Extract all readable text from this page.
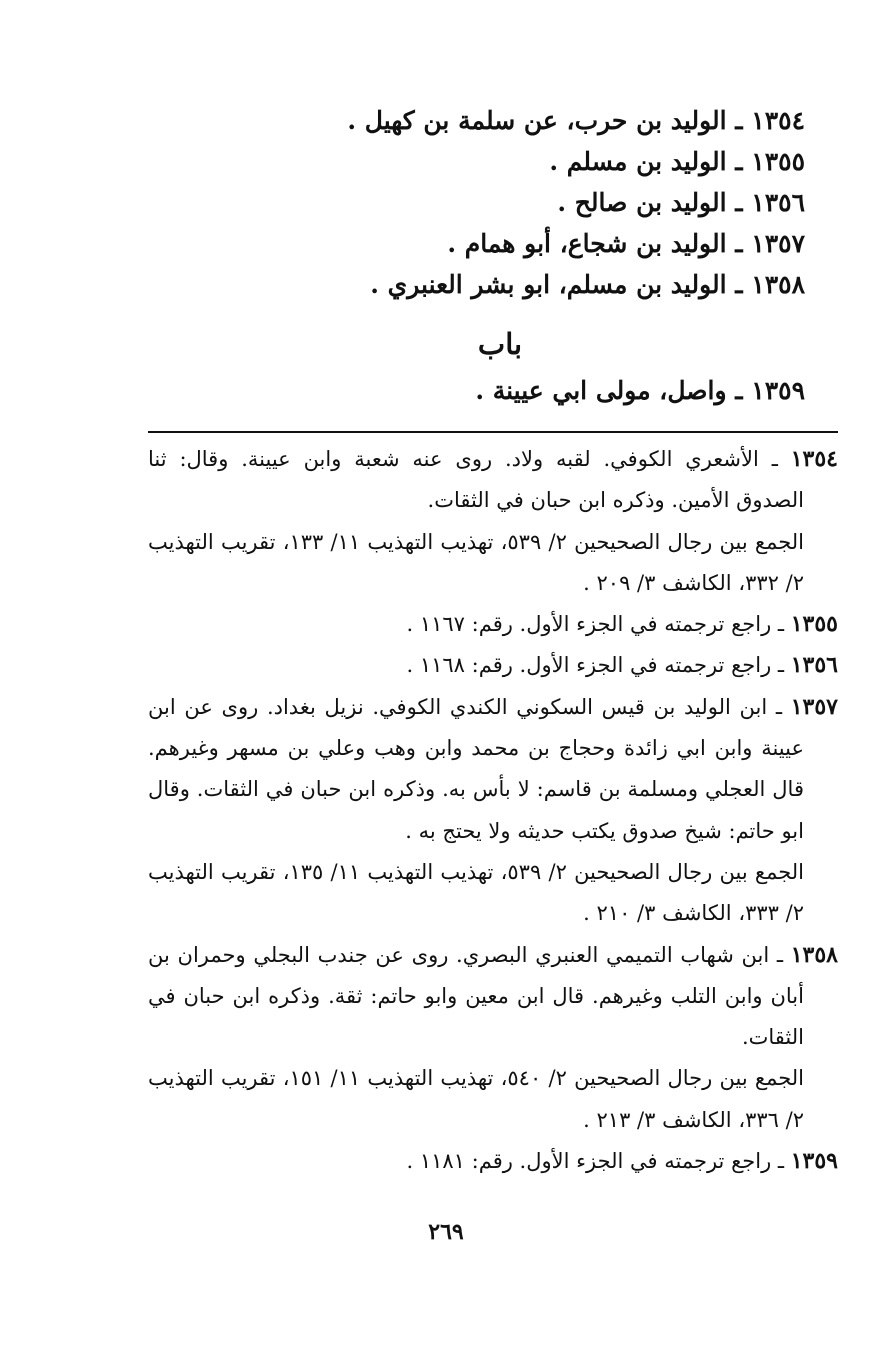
١٣٥٤ ـ الوليد بن حرب، عن سلمة بن كهيل .
١٣٥٥ ـ الوليد بن مسلم .
١٣٥٦ ـ الوليد بن صالح .
١٣٥٧ ـ الوليد بن شجاع، أبو همام .
١٣٥٨ ـ الوليد بن مسلم، ابو بشر العنبري .
باب
١٣٥٩ ـ واصل، مولى ابي عيينة .

١٣٥٤ ـ الأشعري الكوفي. لقبه ولاد. روى عنه شعبة وابن عيينة. وقال: ثنا الصدوق الأمين. وذكره ابن حبان في الثقات.

الجمع بين رجال الصحيحين ٢/ ٥٣٩، تهذيب التهذيب ١١/ ١٣٣، تقريب التهذيب ٢/ ٣٣٢، الكاشف ٣/ ٢٠٩ .

١٣٥٥ ـ راجع ترجمته في الجزء الأول. رقم: ١١٦٧ .

١٣٥٦ ـ راجع ترجمته في الجزء الأول. رقم: ١١٦٨ .

١٣٥٧ ـ ابن الوليد بن قيس السكوني الكندي الكوفي. نزيل بغداد. روى عن ابن عيينة وابن ابي زائدة وحجاج بن محمد وابن وهب وعلي بن مسهر وغيرهم. قال العجلي ومسلمة بن قاسم: لا بأس به. وذكره ابن حبان في الثقات. وقال ابو حاتم: شيخ صدوق يكتب حديثه ولا يحتج به .

الجمع بين رجال الصحيحين ٢/ ٥٣٩، تهذيب التهذيب ١١/ ١٣٥، تقريب التهذيب ٢/ ٣٣٣، الكاشف ٣/ ٢١٠ .

١٣٥٨ ـ ابن شهاب التميمي العنبري البصري. روى عن جندب البجلي وحمران بن أبان وابن التلب وغيرهم. قال ابن معين وابو حاتم: ثقة. وذكره ابن حبان في الثقات.

الجمع بين رجال الصحيحين ٢/ ٥٤٠، تهذيب التهذيب ١١/ ١٥١، تقريب التهذيب ٢/ ٣٣٦، الكاشف ٣/ ٢١٣ .

١٣٥٩ ـ راجع ترجمته في الجزء الأول. رقم: ١١٨١ .

٢٦٩
